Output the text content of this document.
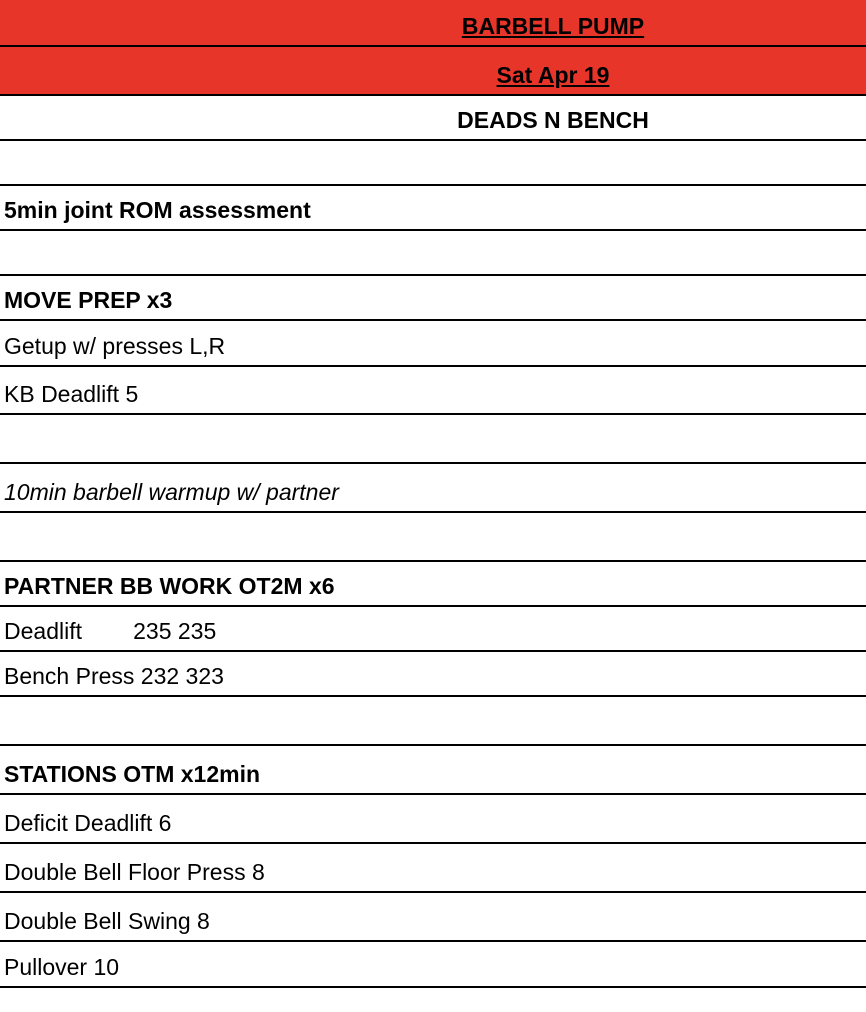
BARBELL PUMP

Sat Apr 19

DEADS N BENCH

5min joint ROM assessment

MOVE PREP x3

Getup w/ presses L,R

KB Deadlift 5

10min barbell warmup w/ partner

PARTNER BB WORK OT2M x6

Deadlift        235 235

Bench Press 232 323

STATIONS OTM x12min

Deficit Deadlift 6

Double Bell Floor Press 8

Double Bell Swing 8

Pullover 10
